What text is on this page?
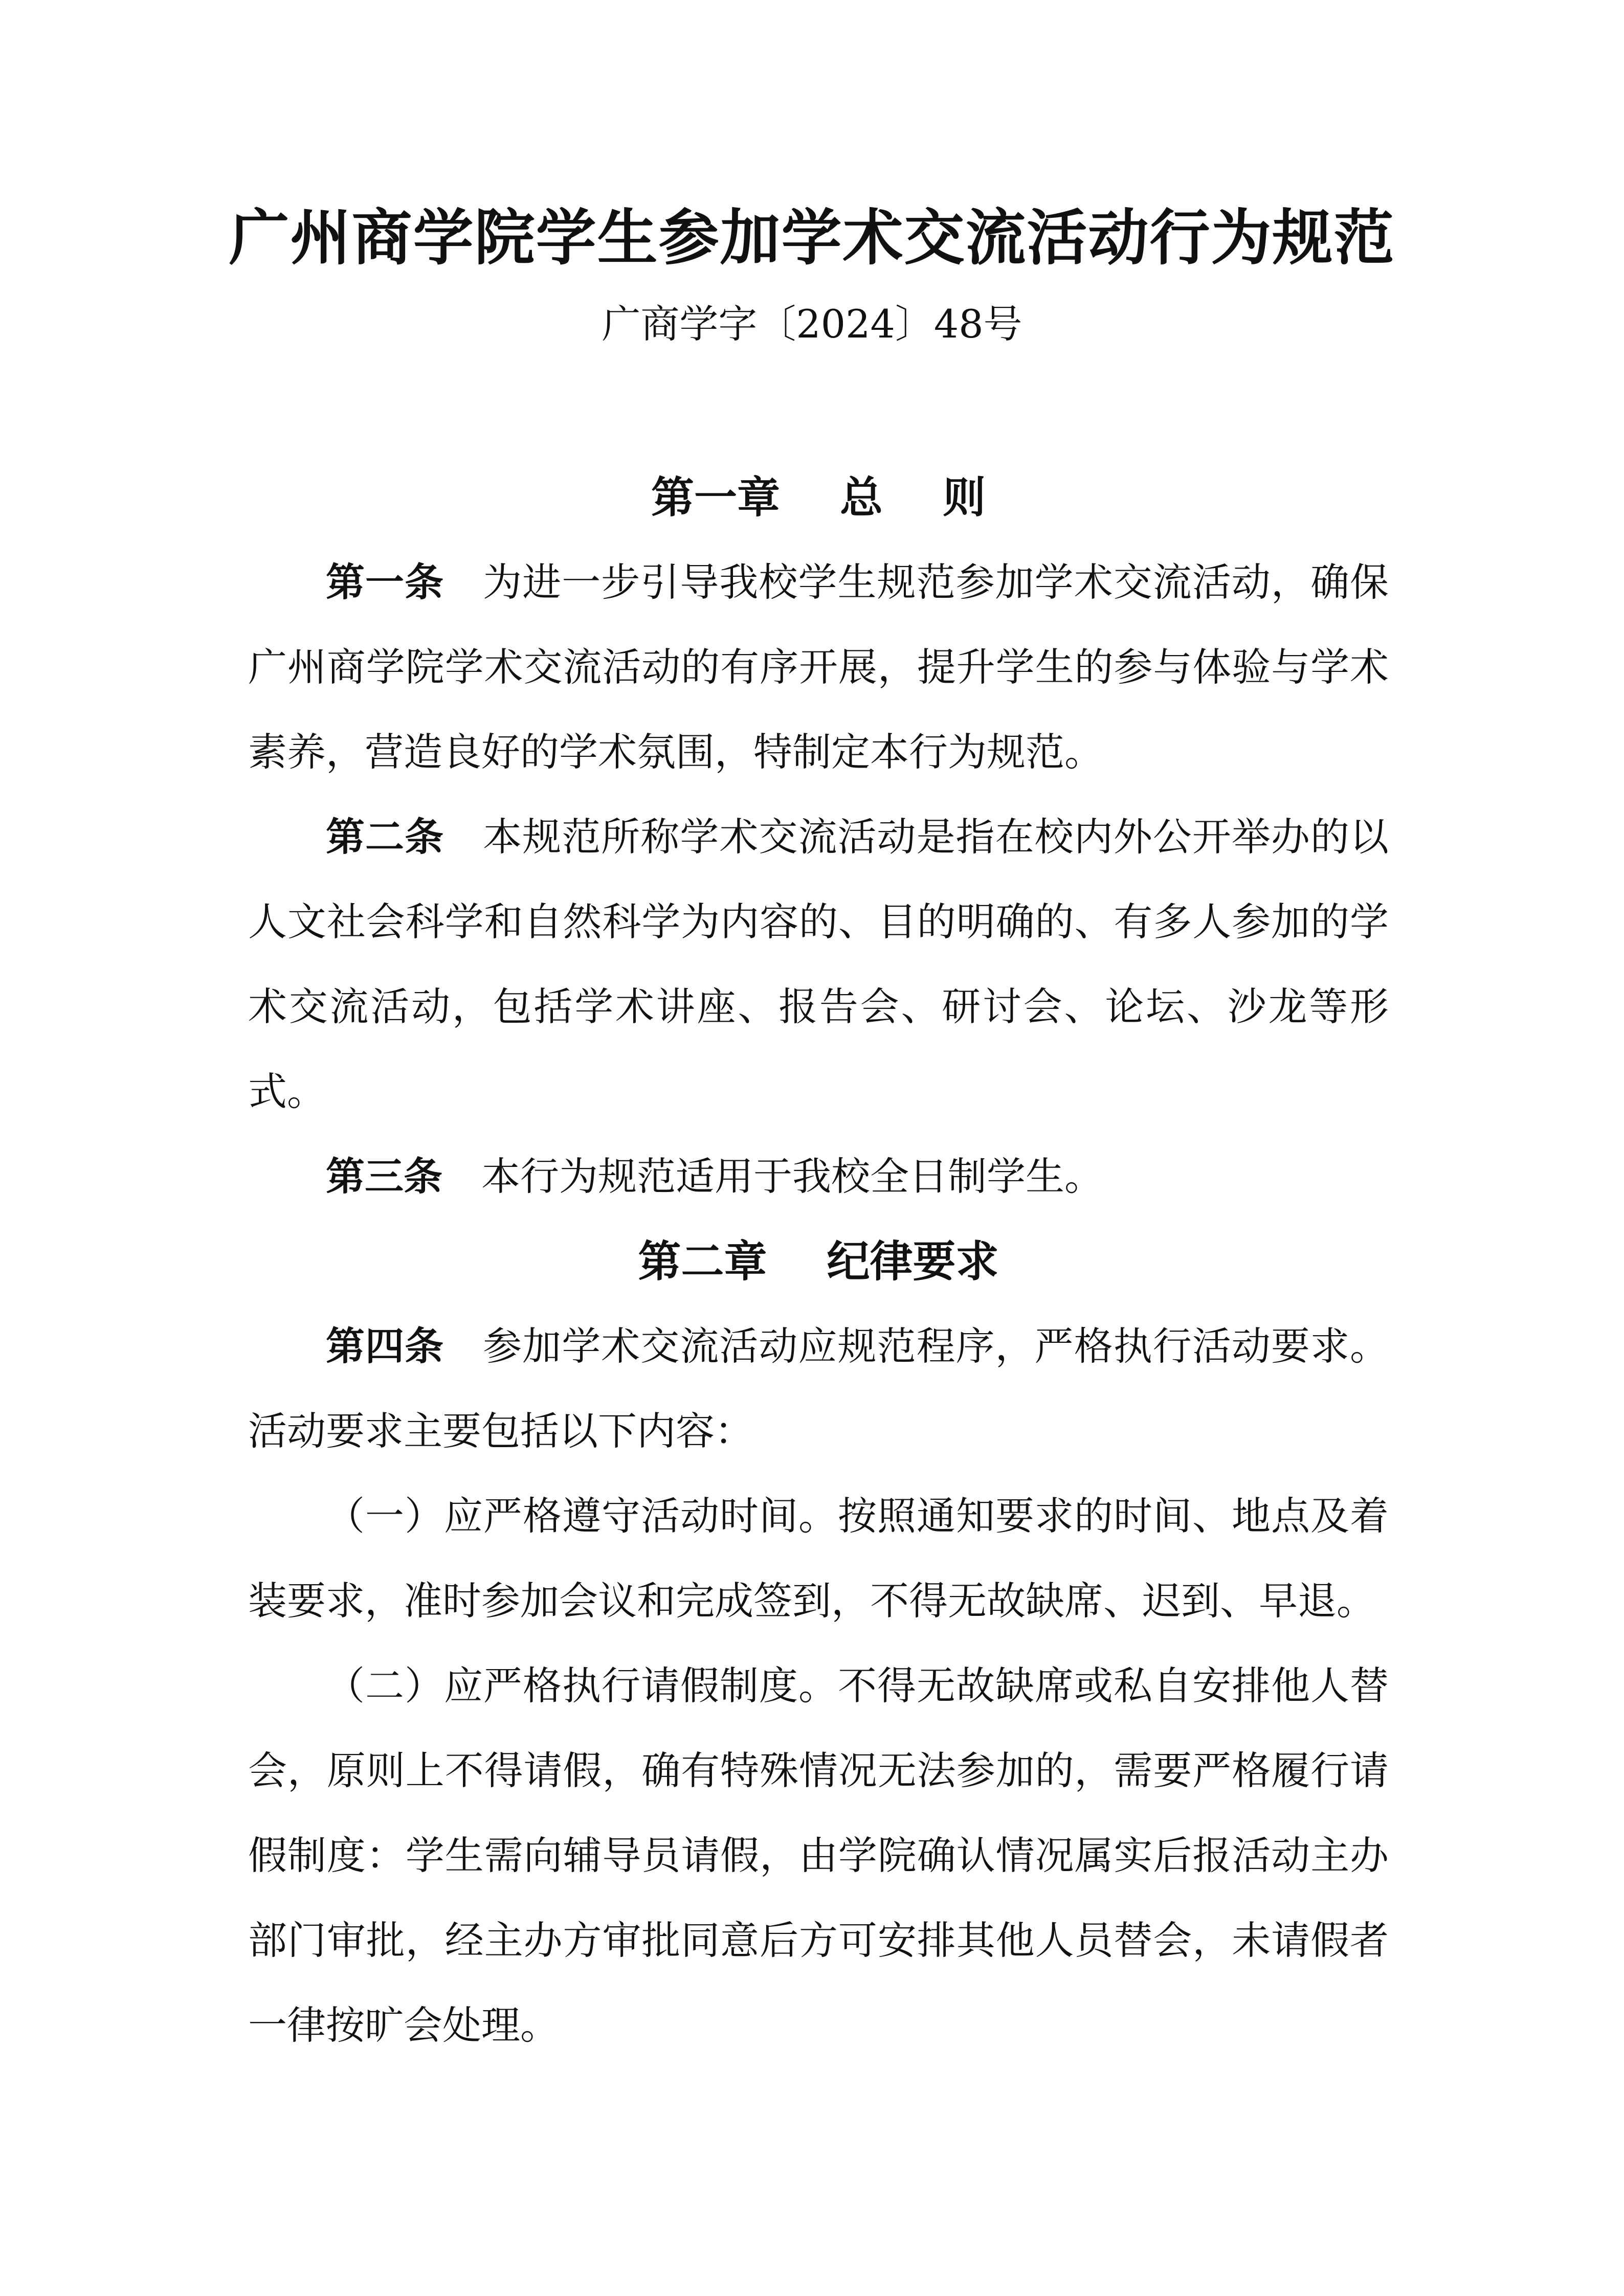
广州商学院学生参加学术交流活动行为规范
广商学字〔2024〕48号

第一章    总    则

第一条 为进一步引导我校学生规范参加学术交流活动，确保广州商学院学术交流活动的有序开展，提升学生的参与体验与学术素养，营造良好的学术氛围，特制定本行为规范。

第二条 本规范所称学术交流活动是指在校内外公开举办的以人文社会科学和自然科学为内容的、目的明确的、有多人参加的学术交流活动，包括学术讲座、报告会、研讨会、论坛、沙龙等形式。

第三条 本行为规范适用于我校全日制学生。

第二章    纪律要求

第四条 参加学术交流活动应规范程序，严格执行活动要求。活动要求主要包括以下内容：

（一）应严格遵守活动时间。按照通知要求的时间、地点及着装要求，准时参加会议和完成签到，不得无故缺席、迟到、早退。

（二）应严格执行请假制度。不得无故缺席或私自安排他人替会，原则上不得请假，确有特殊情况无法参加的，需要严格履行请假制度：学生需向辅导员请假，由学院确认情况属实后报活动主办部门审批，经主办方审批同意后方可安排其他人员替会，未请假者一律按旷会处理。
